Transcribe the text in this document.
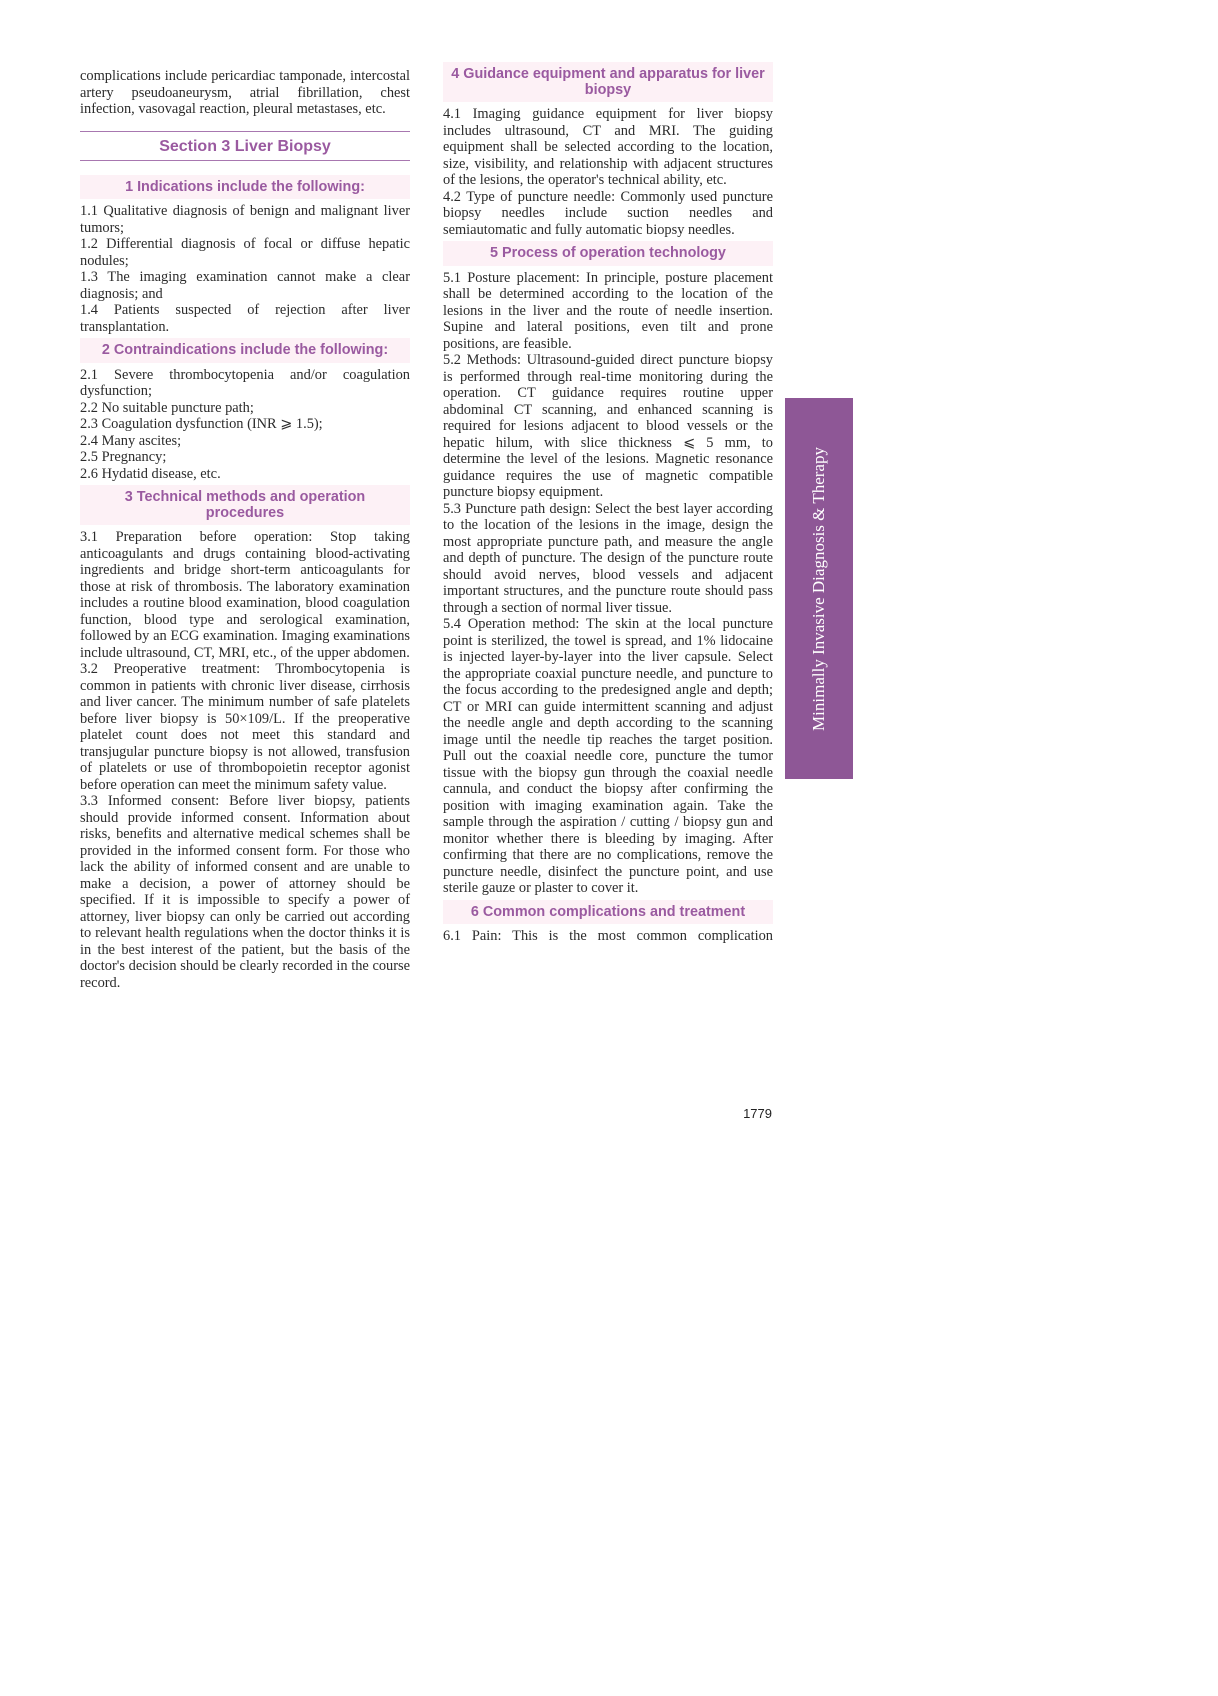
complications include pericardiac tamponade, intercostal artery pseudoaneurysm, atrial fibrillation, chest infection, vasovagal reaction, pleural metastases, etc.

Section 3 Liver Biopsy
1 Indications include the following:

1.1 Qualitative diagnosis of benign and malignant liver tumors;

1.2 Differential diagnosis of focal or diffuse hepatic nodules;

1.3 The imaging examination cannot make a clear diagnosis; and

1.4 Patients suspected of rejection after liver transplantation.

2 Contraindications include the following:

2.1 Severe thrombocytopenia and/or coagulation dysfunction;

2.2 No suitable puncture path;

2.3 Coagulation dysfunction (INR ⩾ 1.5);

2.4 Many ascites;

2.5 Pregnancy;

2.6 Hydatid disease, etc.

3 Technical methods and operation procedures

3.1 Preparation before operation: Stop taking anticoagulants and drugs containing blood-activating ingredients and bridge short-term anticoagulants for those at risk of thrombosis. The laboratory examination includes a routine blood examination, blood coagulation function, blood type and serological examination, followed by an ECG examination. Imaging examinations include ultrasound, CT, MRI, etc., of the upper abdomen.

3.2 Preoperative treatment: Thrombocytopenia is common in patients with chronic liver disease, cirrhosis and liver cancer. The minimum number of safe platelets before liver biopsy is 50×109/L. If the preoperative platelet count does not meet this standard and transjugular puncture biopsy is not allowed, transfusion of platelets or use of thrombopoietin receptor agonist before operation can meet the minimum safety value.

3.3 Informed consent: Before liver biopsy, patients should provide informed consent. Information about risks, benefits and alternative medical schemes shall be provided in the informed consent form. For those who lack the ability of informed consent and are unable to make a decision, a power of attorney should be specified. If it is impossible to specify a power of attorney, liver biopsy can only be carried out according to relevant health regulations when the doctor thinks it is in the best interest of the patient, but the basis of the doctor's decision should be clearly recorded in the course record.

4 Guidance equipment and apparatus for liver biopsy

4.1 Imaging guidance equipment for liver biopsy includes ultrasound, CT and MRI. The guiding equipment shall be selected according to the location, size, visibility, and relationship with adjacent structures of the lesions, the operator's technical ability, etc.

4.2 Type of puncture needle: Commonly used puncture biopsy needles include suction needles and semiautomatic and fully automatic biopsy needles.

5 Process of operation technology

5.1 Posture placement: In principle, posture placement shall be determined according to the location of the lesions in the liver and the route of needle insertion. Supine and lateral positions, even tilt and prone positions, are feasible.

5.2 Methods: Ultrasound-guided direct puncture biopsy is performed through real-time monitoring during the operation. CT guidance requires routine upper abdominal CT scanning, and enhanced scanning is required for lesions adjacent to blood vessels or the hepatic hilum, with slice thickness ⩽ 5 mm, to determine the level of the lesions. Magnetic resonance guidance requires the use of magnetic compatible puncture biopsy equipment.

5.3 Puncture path design: Select the best layer according to the location of the lesions in the image, design the most appropriate puncture path, and measure the angle and depth of puncture. The design of the puncture route should avoid nerves, blood vessels and adjacent important structures, and the puncture route should pass through a section of normal liver tissue.

5.4 Operation method: The skin at the local puncture point is sterilized, the towel is spread, and 1% lidocaine is injected layer-by-layer into the liver capsule. Select the appropriate coaxial puncture needle, and puncture to the focus according to the predesigned angle and depth; CT or MRI can guide intermittent scanning and adjust the needle angle and depth according to the scanning image until the needle tip reaches the target position. Pull out the coaxial needle core, puncture the tumor tissue with the biopsy gun through the coaxial needle cannula, and conduct the biopsy after confirming the position with imaging examination again. Take the sample through the aspiration / cutting / biopsy gun and monitor whether there is bleeding by imaging. After confirming that there are no complications, remove the puncture needle, disinfect the puncture point, and use sterile gauze or plaster to cover it.

6 Common complications and treatment

6.1 Pain: This is the most common complication

Minimally Invasive Diagnosis & Therapy
1779
